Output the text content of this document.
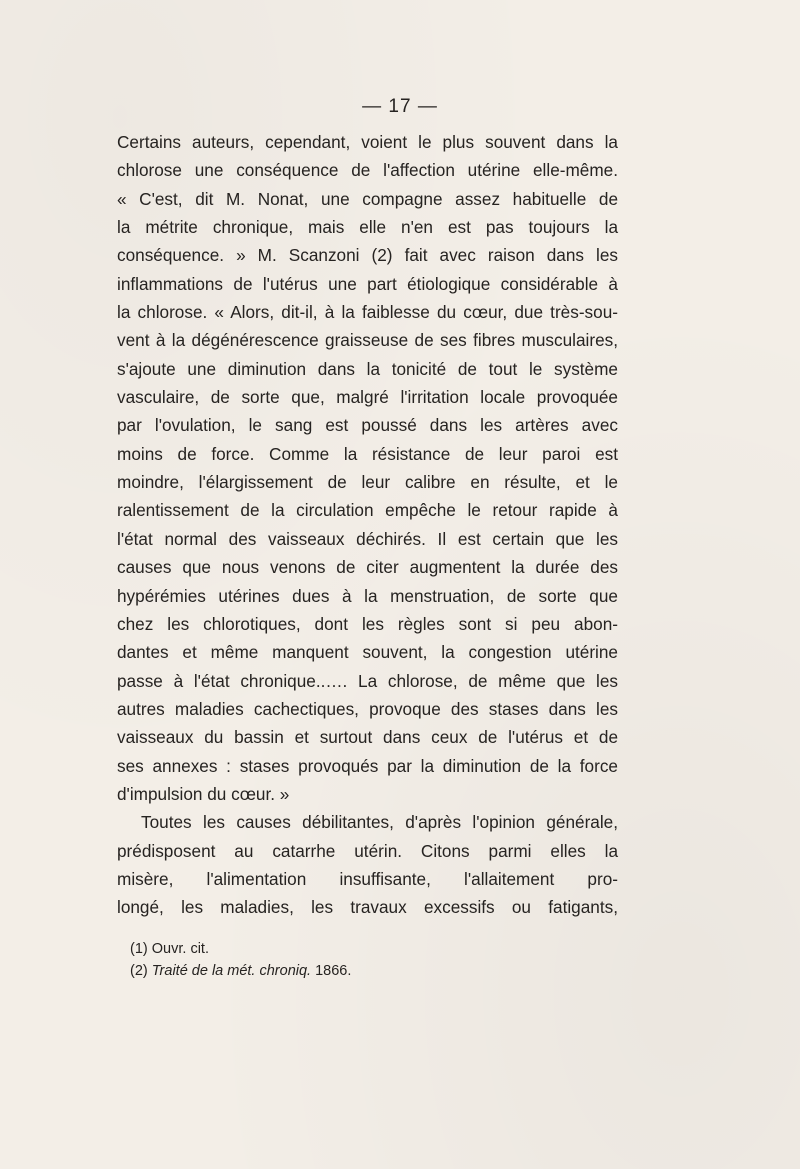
— 17 —
Certains auteurs, cependant, voient le plus souvent dans la
chlorose une conséquence de l'affection utérine elle-même.
« C'est, dit M. Nonat, une compagne assez habituelle de
la métrite chronique, mais elle n'en est pas toujours la
conséquence. » M. Scanzoni (2) fait avec raison dans les
inflammations de l'utérus une part étiologique considérable à
la chlorose. « Alors, dit-il, à la faiblesse du cœur, due très-sou-
vent à la dégénérescence graisseuse de ses fibres musculaires,
s'ajoute une diminution dans la tonicité de tout le système
vasculaire, de sorte que, malgré l'irritation locale provoquée
par l'ovulation, le sang est poussé dans les artères avec
moins de force. Comme la résistance de leur paroi est
moindre, l'élargissement de leur calibre en résulte, et le
ralentissement de la circulation empêche le retour rapide à
l'état normal des vaisseaux déchirés. Il est certain que les
causes que nous venons de citer augmentent la durée des
hypérémies utérines dues à la menstruation, de sorte que
chez les chlorotiques, dont les règles sont si peu abon-
dantes et même manquent souvent, la congestion utérine
passe à l'état chronique..…. La chlorose, de même que les
autres maladies cachectiques, provoque des stases dans les
vaisseaux du bassin et surtout dans ceux de l'utérus et de
ses annexes : stases provoqués par la diminution de la force
d'impulsion du cœur. »
Toutes les causes débilitantes, d'après l'opinion générale,
prédisposent au catarrhe utérin. Citons parmi elles la
misère, l'alimentation insuffisante, l'allaitement pro-
longé, les maladies, les travaux excessifs ou fatigants,
(1) Ouvr. cit.
(2) Traité de la mét. chroniq. 1866.
